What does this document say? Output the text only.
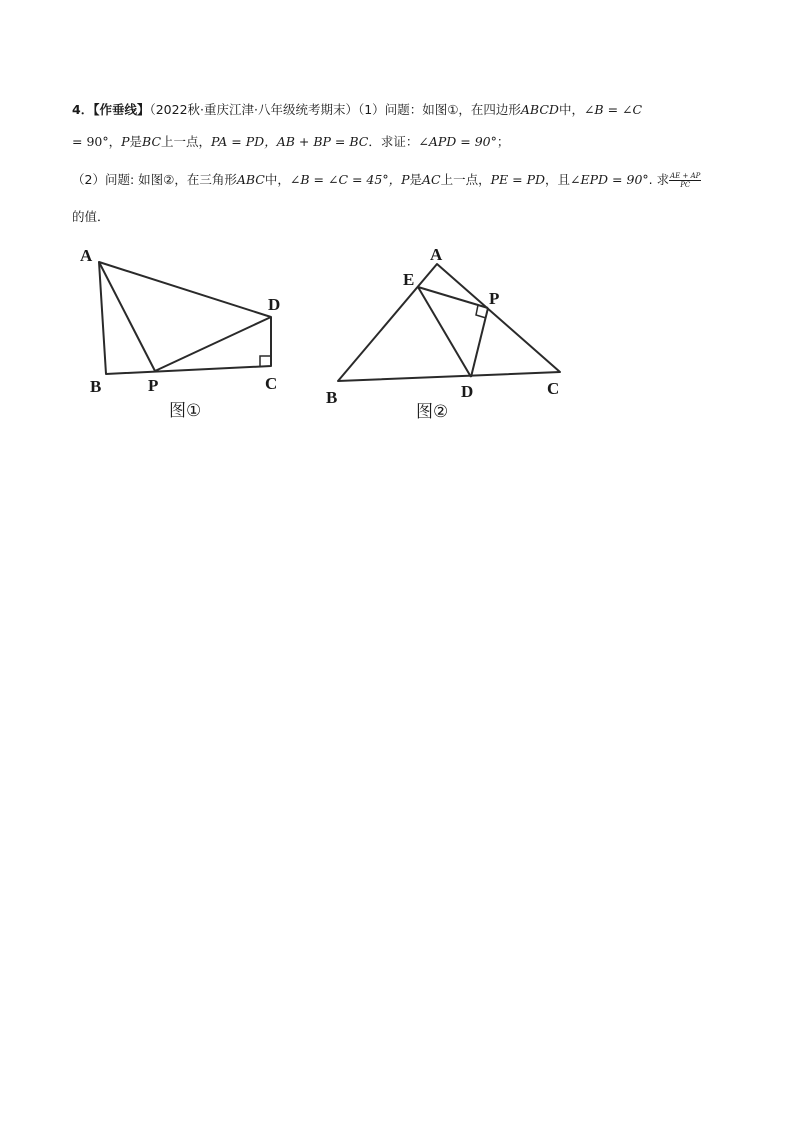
4．【作垂线】（2022秋·重庆江津·八年级统考期末）（1）问题：如图①，在四边形ABCD中，∠B = ∠C
= 90°，P是BC上一点，PA = PD，AB + BP = BC．求证：∠APD = 90°；
（2）问题: 如图②，在三角形ABC中，∠B = ∠C = 45°，P是AC上一点，PE = PD，且∠EPD = 90°. 求 $\frac{AE + AP}{PC}$
的值．
A
B	P	C
D
图①
A
E
P
B	D	C
图②
